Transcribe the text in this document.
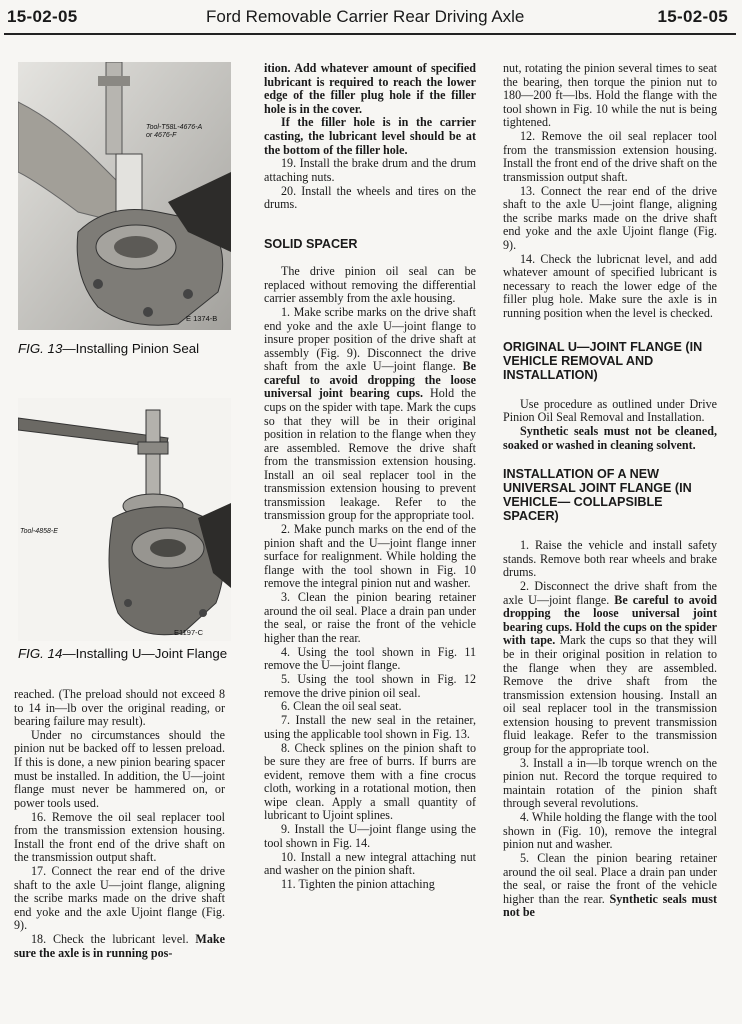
15-02-05	Ford Removable Carrier Rear Driving Axle	15-02-05
Tool-T58L-4676-A
or 4676-F
E 1374-B
FIG. 13—Installing Pinion Seal
Tool-4858-E
E1197-C
FIG. 14—Installing U—Joint Flange

reached. (The preload should not exceed 8 to 14 in—lb over the original reading, or bearing failure may result).

Under no circumstances should the pinion nut be backed off to lessen preload. If this is done, a new pinion bearing spacer must be installed. In addition, the U—joint flange must never be hammered on, or power tools used.

16. Remove the oil seal replacer tool from the transmission extension housing. Install the front end of the drive shaft on the transmission output shaft.

17. Connect the rear end of the drive shaft to the axle U—joint flange, aligning the scribe marks made on the drive shaft end yoke and the axle Ujoint flange (Fig. 9).

18. Check the lubricant level. Make sure the axle is in running pos-

ition. Add whatever amount of specified lubricant is required to reach the lower edge of the filler plug hole if the filler hole is in the cover.

If the filler hole is in the carrier casting, the lubricant level should be at the bottom of the filler hole.

19. Install the brake drum and the drum attaching nuts.

20. Install the wheels and tires on the drums.

SOLID SPACER

The drive pinion oil seal can be replaced without removing the differential carrier assembly from the axle housing.

1. Make scribe marks on the drive shaft end yoke and the axle U—joint flange to insure proper position of the drive shaft at assembly (Fig. 9). Disconnect the drive shaft from the axle U—joint flange. Be careful to avoid dropping the loose universal joint bearing cups. Hold the cups on the spider with tape. Mark the cups so that they will be in their original position in relation to the flange when they are assembled. Remove the drive shaft from the transmission extension housing. Install an oil seal replacer tool in the transmission extension housing to prevent transmission leakage. Refer to the transmission group for the appropriate tool.

2. Make punch marks on the end of the pinion shaft and the U—joint flange inner surface for realignment. While holding the flange with the tool shown in Fig. 10 remove the integral pinion nut and washer.

3. Clean the pinion bearing retainer around the oil seal. Place a drain pan under the seal, or raise the front of the vehicle higher than the rear.

4. Using the tool shown in Fig. 11 remove the U—joint flange.

5. Using the tool shown in Fig. 12 remove the drive pinion oil seal.

6. Clean the oil seal seat.

7. Install the new seal in the retainer, using the applicable tool shown in Fig. 13.

8. Check splines on the pinion shaft to be sure they are free of burrs. If burrs are evident, remove them with a fine crocus cloth, working in a rotational motion, then wipe clean. Apply a small quantity of lubricant to Ujoint splines.

9. Install the U—joint flange using the tool shown in Fig. 14.

10. Install a new integral attaching nut and washer on the pinion shaft.

11. Tighten the pinion attaching

nut, rotating the pinion several times to seat the bearing, then torque the pinion nut to 180—200 ft—lbs. Hold the flange with the tool shown in Fig. 10 while the nut is being tightened.

12. Remove the oil seal replacer tool from the transmission extension housing. Install the front end of the drive shaft on the transmission output shaft.

13. Connect the rear end of the drive shaft to the axle U—joint flange, aligning the scribe marks made on the drive shaft end yoke and the axle Ujoint flange (Fig. 9).

14. Check the lubricnat level, and add whatever amount of specified lubricant is necessary to reach the lower edge of the filler plug hole. Make sure the axle is in running position when the level is checked.

ORIGINAL U—JOINT FLANGE (IN VEHICLE REMOVAL AND INSTALLATION)

Use procedure as outlined under Drive Pinion Oil Seal Removal and Installation.

Synthetic seals must not be cleaned, soaked or washed in cleaning solvent.

INSTALLATION OF A NEW UNIVERSAL JOINT FLANGE (IN VEHICLE— COLLAPSIBLE SPACER)

1. Raise the vehicle and install safety stands. Remove both rear wheels and brake drums.

2. Disconnect the drive shaft from the axle U—joint flange. Be careful to avoid dropping the loose universal joint bearing cups. Hold the cups on the spider with tape. Mark the cups so that they will be in their original position in relation to the flange when they are assembled. Remove the drive shaft from the transmission extension housing. Install an oil seal replacer tool in the transmission extension housing to prevent transmission fluid leakage. Refer to the transmission group for the appropriate tool.

3. Install a in—lb torque wrench on the pinion nut. Record the torque required to maintain rotation of the pinion shaft through several revolutions.

4. While holding the flange with the tool shown in (Fig. 10), remove the integral pinion nut and washer.

5. Clean the pinion bearing retainer around the oil seal. Place a drain pan under the seal, or raise the front of the vehicle higher than the rear. Synthetic seals must not be
